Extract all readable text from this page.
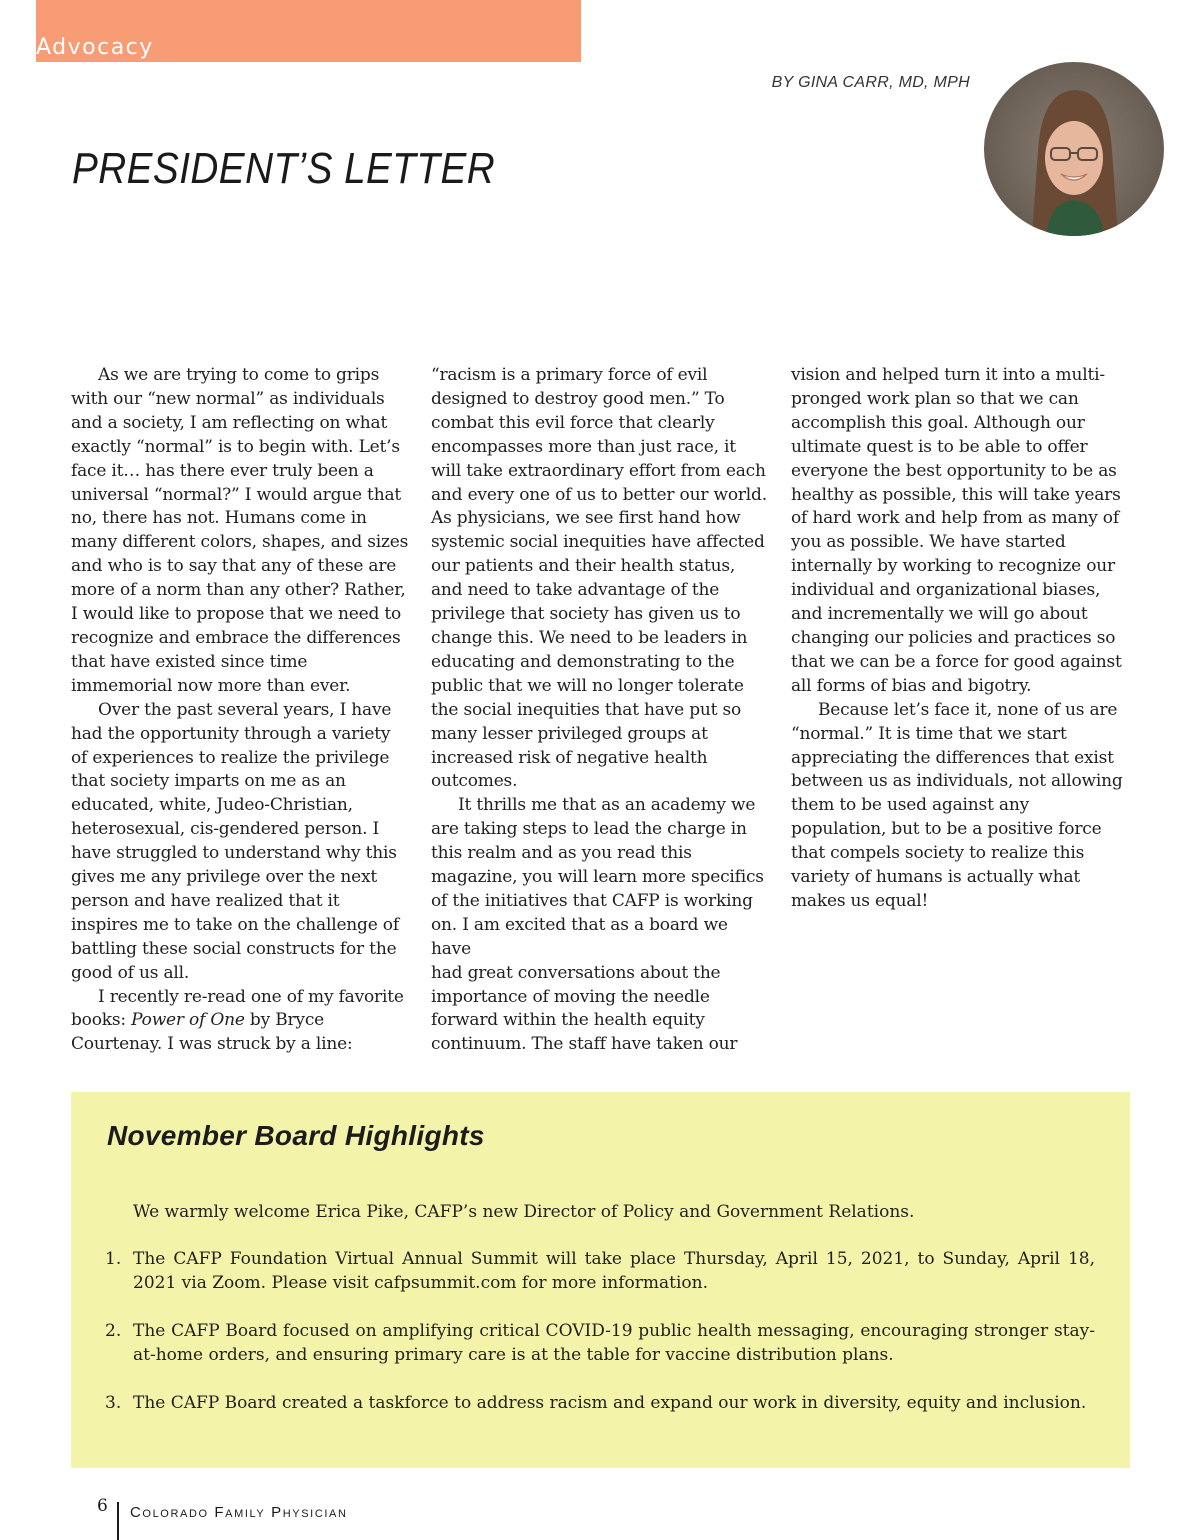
Advocacy
BY GINA CARR, MD, MPH
PRESIDENT’S LETTER

As we are trying to come to grips with our “new normal” as individuals and a society, I am reflecting on what exactly “normal” is to begin with. Let’s face it… has there ever truly been a universal “normal?” I would argue that no, there has not. Humans come in many different colors, shapes, and sizes and who is to say that any of these are more of a norm than any other? Rather, I would like to propose that we need to recognize and embrace the differences that have existed since time immemorial now more than ever.

Over the past several years, I have had the opportunity through a variety of experiences to realize the privilege that society imparts on me as an educated, white, Judeo-Christian, heterosexual, cis-gendered person. I have struggled to understand why this gives me any privilege over the next person and have realized that it inspires me to take on the challenge of battling these social constructs for the good of us all.

I recently re-read one of my favorite books: Power of One by Bryce Courtenay. I was struck by a line: “racism is a primary force of evil designed to destroy good men.” To combat this evil force that clearly encompasses more than just race, it will take extraordinary effort from each and every one of us to better our world. As physicians, we see first hand how systemic social inequities have affected our patients and their health status, and need to take advantage of the privilege that society has given us to change this. We need to be leaders in educating and demonstrating to the public that we will no longer tolerate the social inequities that have put so many lesser privileged groups at increased risk of negative health outcomes.

It thrills me that as an academy we are taking steps to lead the charge in this realm and as you read this magazine, you will learn more specifics of the initiatives that CAFP is working on. I am excited that as a board we have

had great conversations about the importance of moving the needle forward within the health equity continuum. The staff have taken our vision and helped turn it into a multi-pronged work plan so that we can accomplish this goal. Although our ultimate quest is to be able to offer everyone the best opportunity to be as healthy as possible, this will take years of hard work and help from as many of you as possible. We have started internally by working to recognize our individual and organizational biases, and incrementally we will go about changing our policies and practices so that we can be a force for good against all forms of bias and bigotry.

Because let’s face it, none of us are “normal.” It is time that we start appreciating the differences that exist between us as individuals, not allowing them to be used against any population, but to be a positive force that compels society to realize this variety of humans is actually what makes us equal!

November Board Highlights

We warmly welcome Erica Pike, CAFP’s new Director of Policy and Government Relations.

1. The CAFP Foundation Virtual Annual Summit will take place Thursday, April 15, 2021, to Sunday, April 18, 2021 via Zoom. Please visit cafpsummit.com for more information.
2. The CAFP Board focused on amplifying critical COVID-19 public health messaging, encouraging stronger stay-at-home orders, and ensuring primary care is at the table for vaccine distribution plans.
3. The CAFP Board created a taskforce to address racism and expand our work in diversity, equity and inclusion.
6 Colorado Family Physician
